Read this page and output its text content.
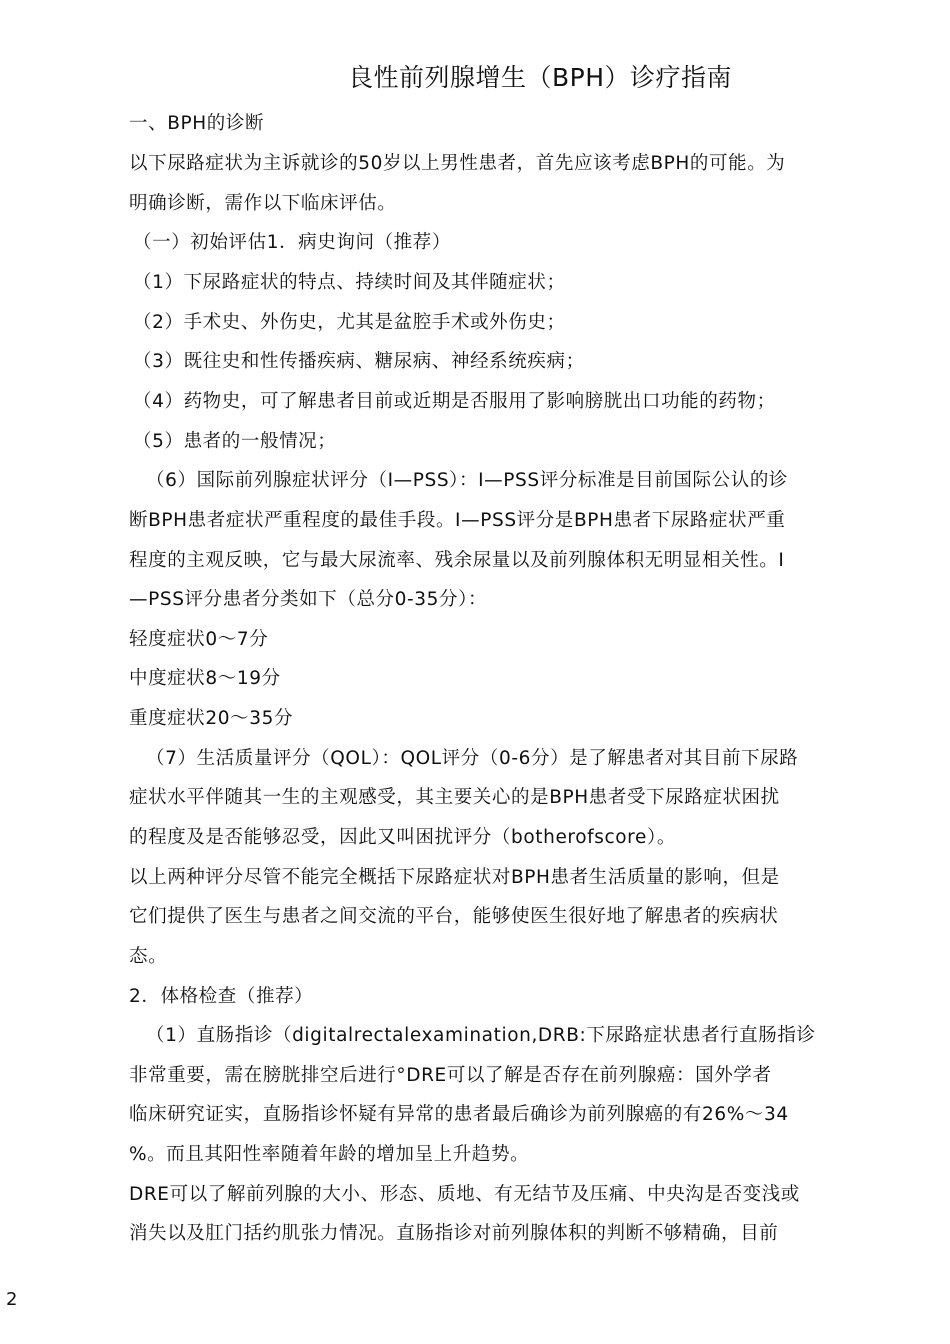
良性前列腺增生（BPH）诊疗指南
一、BPH的诊断
以下尿路症状为主诉就诊的50岁以上男性患者，首先应该考虑BPH的可能。为
明确诊断，需作以下临床评估。
（一）初始评估1．病史询问（推荐）
（1）下尿路症状的特点、持续时间及其伴随症状；
（2）手术史、外伤史，尤其是盆腔手术或外伤史；
（3）既往史和性传播疾病、糖尿病、神经系统疾病；
（4）药物史，可了解患者目前或近期是否服用了影响膀胱出口功能的药物；
（5）患者的一般情况；
（6）国际前列腺症状评分（I—PSS）：I—PSS评分标准是目前国际公认的诊
断BPH患者症状严重程度的最佳手段。I—PSS评分是BPH患者下尿路症状严重
程度的主观反映，它与最大尿流率、残余尿量以及前列腺体积无明显相关性。I
—PSS评分患者分类如下（总分0-35分）：
轻度症状0～7分
中度症状8～19分
重度症状20～35分
（7）生活质量评分（QOL）：QOL评分（0-6分）是了解患者对其目前下尿路
症状水平伴随其一生的主观感受，其主要关心的是BPH患者受下尿路症状困扰
的程度及是否能够忍受，因此又叫困扰评分（botherofscore）。
以上两种评分尽管不能完全概括下尿路症状对BPH患者生活质量的影响，但是
它们提供了医生与患者之间交流的平台，能够使医生很好地了解患者的疾病状
态。
2．体格检查（推荐）
（1）直肠指诊（digitalrectalexamination,DRB:下尿路症状患者行直肠指诊
非常重要，需在膀胱排空后进行°DRE可以了解是否存在前列腺癌：国外学者
临床研究证实，直肠指诊怀疑有异常的患者最后确诊为前列腺癌的有26%～34
%。而且其阳性率随着年龄的增加呈上升趋势。
DRE可以了解前列腺的大小、形态、质地、有无结节及压痛、中央沟是否变浅或
消失以及肛门括约肌张力情况。直肠指诊对前列腺体积的判断不够精确，目前
2
